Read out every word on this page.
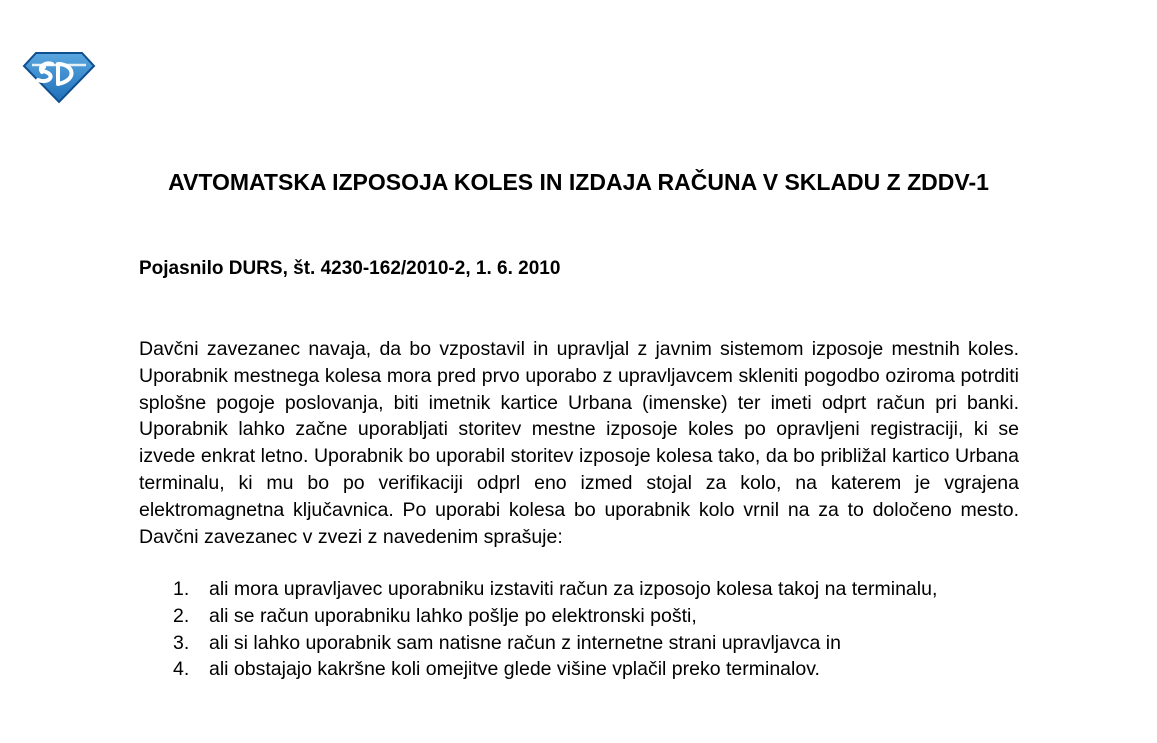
AVTOMATSKA IZPOSOJA KOLES IN IZDAJA RAČUNA V SKLADU Z ZDDV-1

Pojasnilo DURS, št. 4230-162/2010-2, 1. 6. 2010

Davčni zavezanec navaja, da bo vzpostavil in upravljal z javnim sistemom izposoje mestnih koles. Uporabnik mestnega kolesa mora pred prvo uporabo z upravljavcem skleniti pogodbo oziroma potrditi splošne pogoje poslovanja, biti imetnik kartice Urbana (imenske) ter imeti odprt račun pri banki. Uporabnik lahko začne uporabljati storitev mestne izposoje koles po opravljeni registraciji, ki se izvede enkrat letno. Uporabnik bo uporabil storitev izposoje kolesa tako, da bo približal kartico Urbana terminalu, ki mu bo po verifikaciji odprl eno izmed stojal za kolo, na katerem je vgrajena elektromagnetna ključavnica. Po uporabi kolesa bo uporabnik kolo vrnil na za to določeno mesto. Davčni zavezanec v zvezi z navedenim sprašuje:

1.	ali mora upravljavec uporabniku izstaviti račun za izposojo kolesa takoj na terminalu,
2.	ali se račun uporabniku lahko pošlje po elektronski pošti,
3.	ali si lahko uporabnik sam natisne račun z internetne strani upravljavca in
4.	ali obstajajo kakršne koli omejitve glede višine vplačil preko terminalov.
